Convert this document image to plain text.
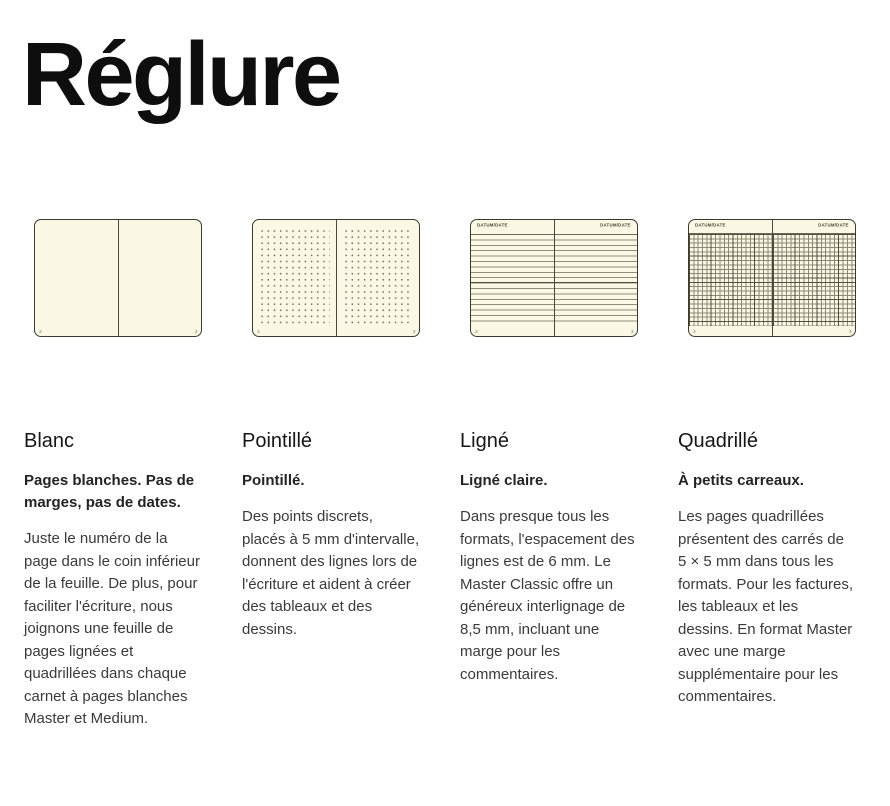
Réglure
2	3	2	3
DATUM/DATE
2
DATUM/DATE
3
DATUM/DATE
2
DATUM/DATE
3
Blanc

Pages blanches. Pas de marges, pas de dates.

Juste le numéro de la page dans le coin inférieur de la feuille. De plus, pour faciliter l'écriture, nous joignons une feuille de pages lignées et quadrillées dans chaque carnet à pages blanches Master et Medium.

Pointillé

Pointillé.

Des points discrets, placés à 5 mm d'intervalle, donnent des lignes lors de l'écriture et aident à créer des tableaux et des dessins.

Ligné

Ligné claire.

Dans presque tous les formats, l'espacement des lignes est de 6 mm. Le Master Classic offre un généreux interlignage de 8,5 mm, incluant une marge pour les commentaires.

Quadrillé

À petits carreaux.

Les pages quadrillées présentent des carrés de 5 × 5 mm dans tous les formats. Pour les factures, les tableaux et les dessins. En format Master avec une marge supplémentaire pour les commentaires.
